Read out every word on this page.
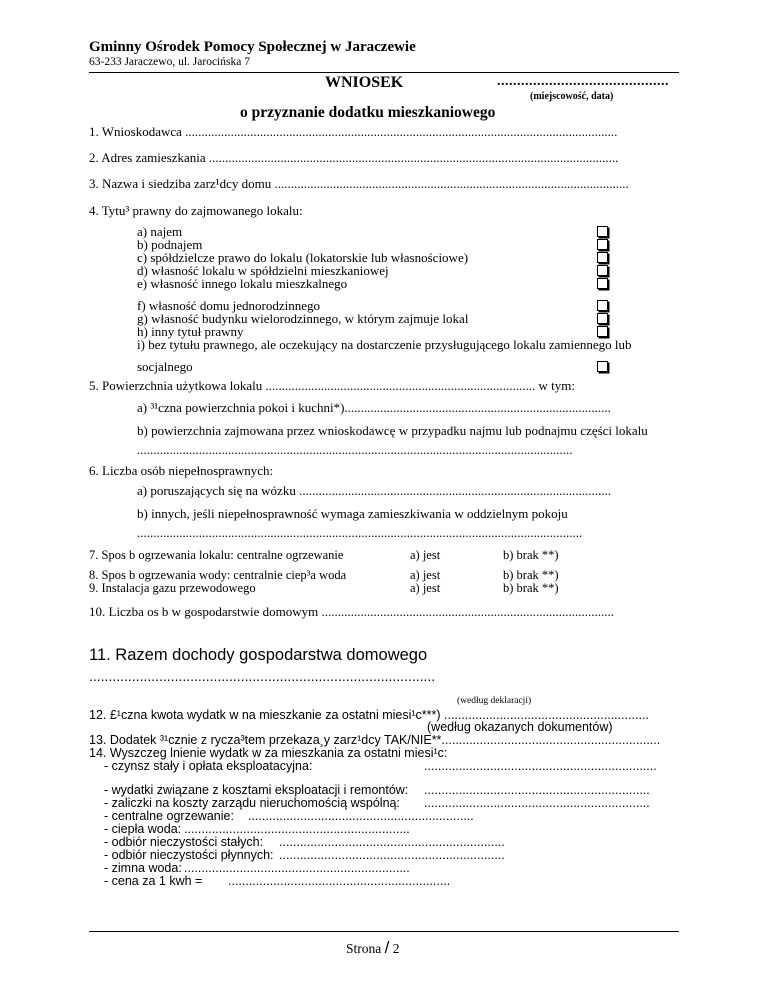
Gminny Ośrodek Pomocy Społecznej w Jaraczewie
63-233 Jaraczewo, ul. Jarocińska 7
WNIOSEK	...........................................
(miejscowość, data)
o przyznanie dodatku mieszkaniowego
1. Wnioskodawca .....................................................................................................................................
2. Adres zamieszkania ..............................................................................................................................
3. Nazwa i siedziba zarz¹dcy domu .............................................................................................................
4. Tytu³ prawny do zajmowanego lokalu:
a) najem
b) podnajem
c) spółdzielcze prawo do lokalu (lokatorskie lub własnościowe)
d) własność lokalu w spółdzielni mieszkaniowej
e) własność innego lokalu mieszkalnego
f) własność domu jednorodzinnego
g) własność budynku wielorodzinnego, w którym zajmuje lokal
h) inny tytuł prawny
i) bez tytułu prawnego, ale oczekujący na dostarczenie przysługującego lokalu zamiennego lub
socjalnego
5. Powierzchnia użytkowa lokalu ................................................................................... w tym:
a) ³¹czna powierzchnia pokoi i kuchni*)..................................................................................
b) powierzchnia zajmowana przez wnioskodawcę w przypadku najmu lub podnajmu części lokalu
......................................................................................................................................
6. Liczba osób niepełnosprawnych:
a) poruszających się na wózku ................................................................................................
b) innych, jeśli niepełnosprawność wymaga zamieszkiwania w oddzielnym pokoju
.........................................................................................................................................
7. Spos b ogrzewania lokalu: centralne ogrzewanie	a) jest	b) brak **)
8. Spos b ogrzewania wody: centralnie ciep³a woda	a) jest	b) brak **)
9. Instalacja gazu przewodowego	a) jest	b) brak **)
10. Liczba os b w gospodarstwie domowym ..........................................................................................
11. Razem dochody gospodarstwa domowego
.........................................................................................
(według deklaracji)
12. £¹czna kwota wydatk w na mieszkanie za ostatni miesi¹c***) ...........................................................
(według okazanych dokumentów)
13. Dodatek ³¹cznie z rycza³tem przekaza¸y zarz¹dcy TAK/NIE**...............................................................
14. Wyszczeg lnienie wydatk w za mieszkania za ostatni miesi¹c:
- czynsz stały i opłata eksploatacyjna:	...................................................................
- wydatki związane z kosztami eksploatacji i remontów: .................................................................
- zaliczki na koszty zarządu nieruchomością wspólną: .................................................................
- centralne ogrzewanie: .................................................................
- ciepła woda: .................................................................
- odbiór nieczystości stałych: .................................................................
- odbiór nieczystości płynnych: .................................................................
- zimna woda: .................................................................
- cena za 1 kwh = ................................................................
Strona / 2
